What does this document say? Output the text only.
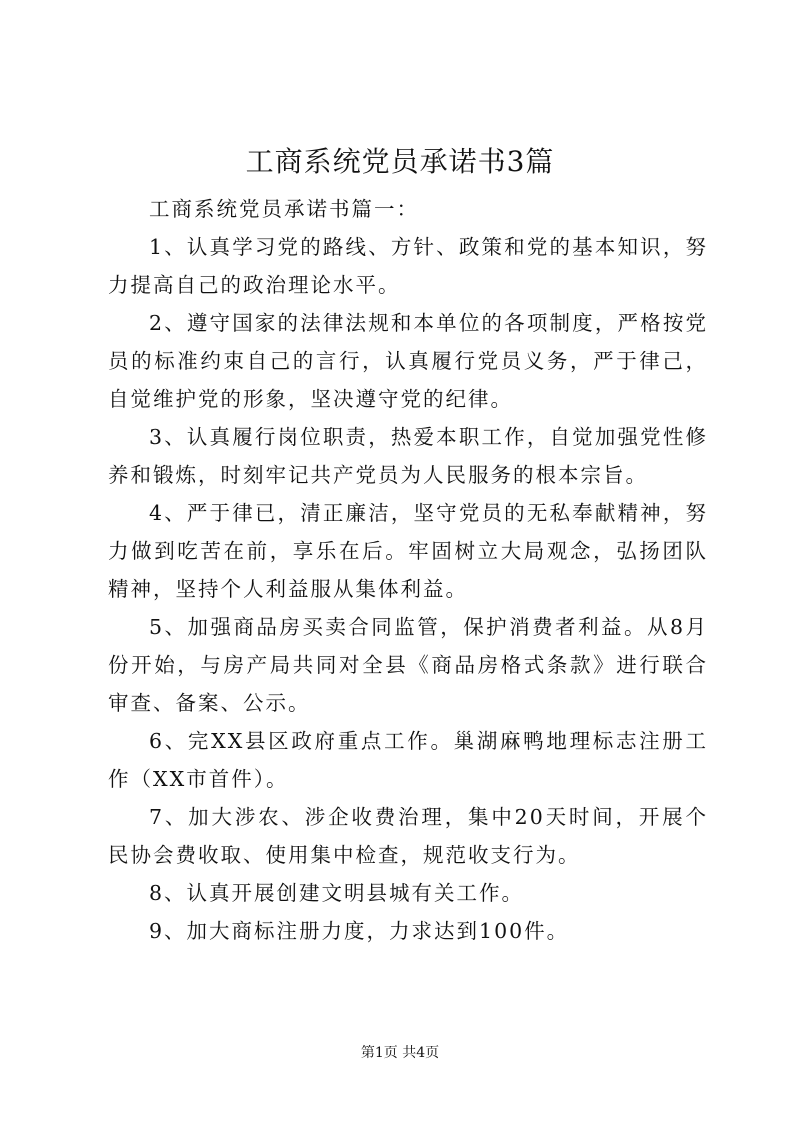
工商系统党员承诺书3篇

工商系统党员承诺书篇一：

1、认真学习党的路线、方针、政策和党的基本知识，努力提高自己的政治理论水平。

2、遵守国家的法律法规和本单位的各项制度，严格按党员的标准约束自己的言行，认真履行党员义务，严于律己，自觉维护党的形象，坚决遵守党的纪律。

3、认真履行岗位职责，热爱本职工作，自觉加强党性修养和锻炼，时刻牢记共产党员为人民服务的根本宗旨。

4、严于律已，清正廉洁，坚守党员的无私奉献精神，努力做到吃苦在前，享乐在后。牢固树立大局观念，弘扬团队精神，坚持个人利益服从集体利益。

5、加强商品房买卖合同监管，保护消费者利益。从8月份开始，与房产局共同对全县《商品房格式条款》进行联合审查、备案、公示。

6、完XX县区政府重点工作。巢湖麻鸭地理标志注册工作（XX市首件）。

7、加大涉农、涉企收费治理，集中20天时间，开展个民协会费收取、使用集中检查，规范收支行为。

8、认真开展创建文明县城有关工作。

9、加大商标注册力度，力求达到100件。

第1页 共4页
